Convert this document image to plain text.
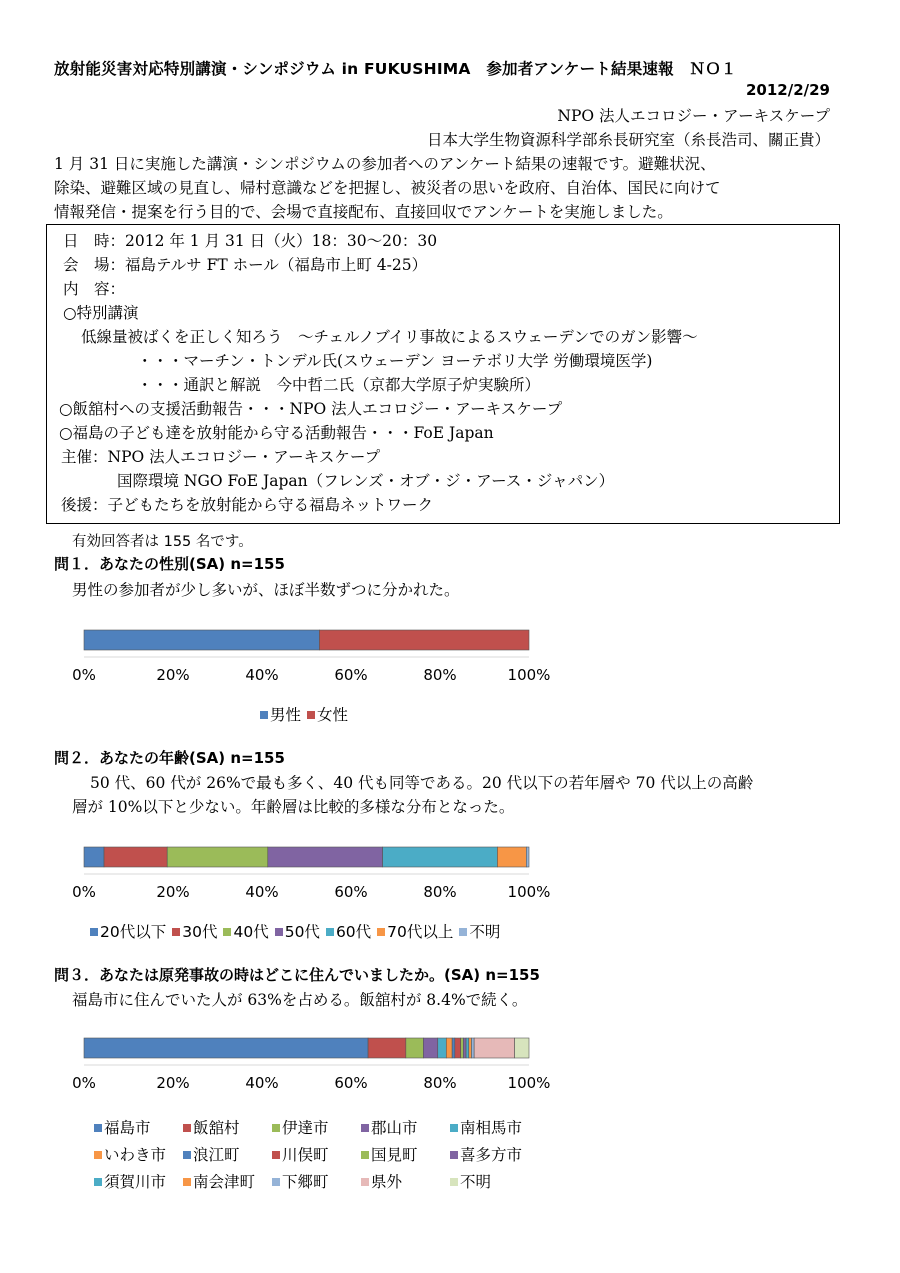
放射能災害対応特別講演・シンポジウム in FUKUSHIMA　参加者アンケート結果速報　ＮＯ１
2012/2/29
NPO 法人エコロジー・アーキスケープ
日本大学生物資源科学部糸長研究室（糸長浩司、關正貴）
1 月 31 日に実施した講演・シンポジウムの参加者へのアンケート結果の速報です。避難状況、
除染、避難区域の見直し、帰村意識などを把握し、被災者の思いを政府、自治体、国民に向けて
情報発信・提案を行う目的で、会場で直接配布、直接回収でアンケートを実施しました。
日　時：2012 年 1 月 31 日（火）18：30～20：30
会　場：福島テルサ FT ホール（福島市上町 4-25）
内　容：
○特別講演
低線量被ばくを正しく知ろう　～チェルノブイリ事故によるスウェーデンでのガン影響～
・・・マーチン・トンデル氏(スウェーデン ヨーテボリ大学 労働環境医学)
・・・通訳と解説　今中哲二氏（京都大学原子炉実験所）
○飯舘村への支援活動報告・・・NPO 法人エコロジー・アーキスケープ
○福島の子ども達を放射能から守る活動報告・・・FoE Japan
主催：NPO 法人エコロジー・アーキスケープ
国際環境 NGO FoE Japan（フレンズ・オブ・ジ・アース・ジャパン）
後援：子どもたちを放射能から守る福島ネットワーク
有効回答者は 155 名です。
問１．あなたの性別(SA) n=155
男性の参加者が少し多いが、ほぼ半数ずつに分かれた。
問２．あなたの年齢(SA) n=155
50 代、60 代が 26%で最も多く、40 代も同等である。20 代以下の若年層や 70 代以上の高齢
層が 10%以下と少ない。年齢層は比較的多様な分布となった。
問３．あなたは原発事故の時はどこに住んでいましたか。(SA) n=155
福島市に住んでいた人が 63%を占める。飯舘村が 8.4%で続く。
0%	20%	40%	60%	80%	100%
男性 女性
0%	20%	40%	60%	80%	100%
20代以下 30代 40代 50代 60代 70代以上 不明
0%	20%	40%	60%	80%	100%
福島市	飯舘村	伊達市	郡山市	南相馬市
いわき市 浪江町	川俣町	国見町	喜多方市
須賀川市 南会津町 下郷町	県外	不明
